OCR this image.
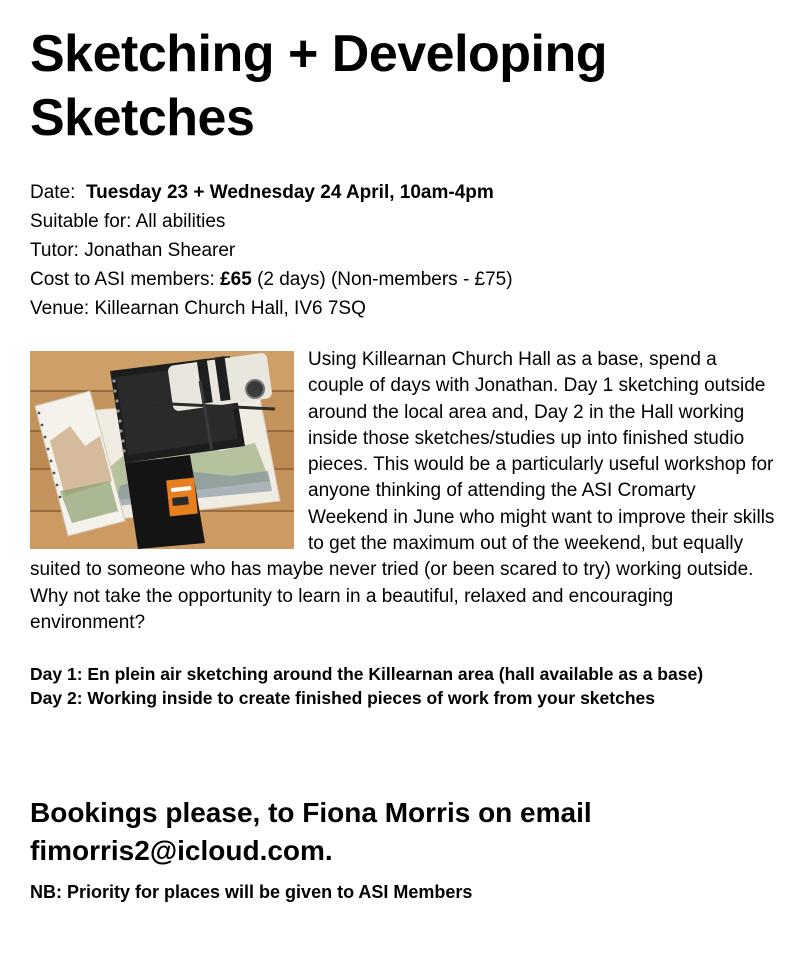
Sketching + Developing Sketches
Date: Tuesday 23 + Wednesday 24 April, 10am-4pm
Suitable for: All abilities
Tutor: Jonathan Shearer
Cost to ASI members: £65 (2 days) (Non-members - £75)
Venue: Killearnan Church Hall, IV6 7SQ
Using Killearnan Church Hall as a base, spend a couple of days with Jonathan. Day 1 sketching outside around the local area and, Day 2 in the Hall working inside those sketches/studies up into finished studio pieces. This would be a particularly useful workshop for anyone thinking of attending the ASI Cromarty Weekend in June who might want to improve their skills to get the maximum out of the weekend, but equally suited to someone who has maybe never tried (or been scared to try) working outside. Why not take the opportunity to learn in a beautiful, relaxed and encouraging environment?
Day 1: En plein air sketching around the Killearnan area (hall available as a base)
Day 2: Working inside to create finished pieces of work from your sketches
Bookings please, to Fiona Morris on email
fimorris2@icloud.com.
NB: Priority for places will be given to ASI Members
